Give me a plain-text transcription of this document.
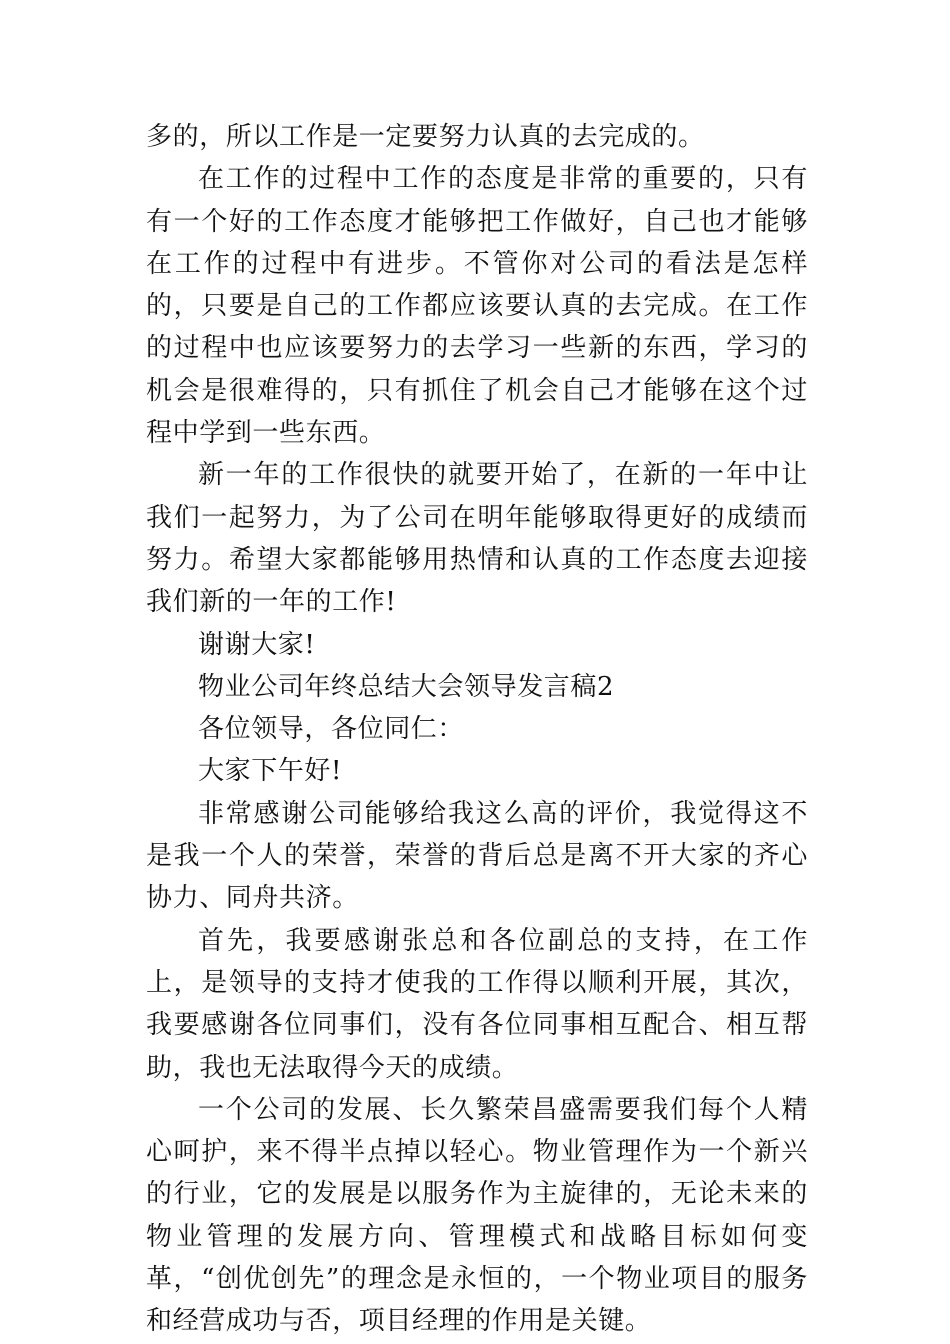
多的，所以工作是一定要努力认真的去完成的。

在工作的过程中工作的态度是非常的重要的，只有有一个好的工作态度才能够把工作做好，自己也才能够在工作的过程中有进步。不管你对公司的看法是怎样的，只要是自己的工作都应该要认真的去完成。在工作的过程中也应该要努力的去学习一些新的东西，学习的机会是很难得的，只有抓住了机会自己才能够在这个过程中学到一些东西。

新一年的工作很快的就要开始了，在新的一年中让我们一起努力，为了公司在明年能够取得更好的成绩而努力。希望大家都能够用热情和认真的工作态度去迎接我们新的一年的工作!

谢谢大家!

物业公司年终总结大会领导发言稿2

各位领导，各位同仁：

大家下午好!

非常感谢公司能够给我这么高的评价，我觉得这不是我一个人的荣誉，荣誉的背后总是离不开大家的齐心协力、同舟共济。

首先，我要感谢张总和各位副总的支持，在工作上，是领导的支持才使我的工作得以顺利开展，其次，我要感谢各位同事们，没有各位同事相互配合、相互帮助，我也无法取得今天的成绩。

一个公司的发展、长久繁荣昌盛需要我们每个人精心呵护，来不得半点掉以轻心。物业管理作为一个新兴的行业，它的发展是以服务作为主旋律的，无论未来的物业管理的发展方向、管理模式和战略目标如何变革，“创优创先”的理念是永恒的，一个物业项目的服务和经营成功与否，项目经理的作用是关键。
